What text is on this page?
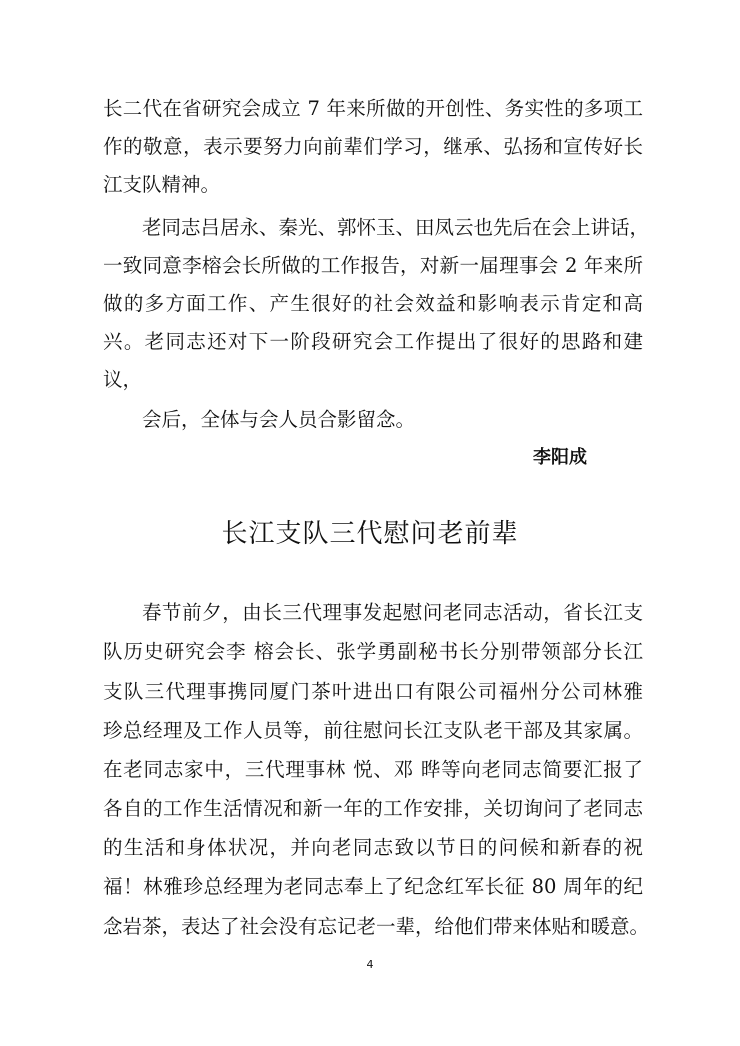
长二代在省研究会成立 7 年来所做的开创性、务实性的多项工
作的敬意，表示要努力向前辈们学习，继承、弘扬和宣传好长
江支队精神。
老同志吕居永、秦光、郭怀玉、田凤云也先后在会上讲话，
一致同意李榕会长所做的工作报告，对新一届理事会 2 年来所
做的多方面工作、产生很好的社会效益和影响表示肯定和高
兴。老同志还对下一阶段研究会工作提出了很好的思路和建
议，
会后，全体与会人员合影留念。
李阳成
长江支队三代慰问老前辈
春节前夕，由长三代理事发起慰问老同志活动，省长江支
队历史研究会李 榕会长、张学勇副秘书长分别带领部分长江
支队三代理事携同厦门茶叶进出口有限公司福州分公司林雅
珍总经理及工作人员等，前往慰问长江支队老干部及其家属。
在老同志家中，三代理事林 悦、邓 晔等向老同志简要汇报了
各自的工作生活情况和新一年的工作安排，关切询问了老同志
的生活和身体状况，并向老同志致以节日的问候和新春的祝
福！林雅珍总经理为老同志奉上了纪念红军长征 80 周年的纪
念岩茶，表达了社会没有忘记老一辈，给他们带来体贴和暖意。
4
